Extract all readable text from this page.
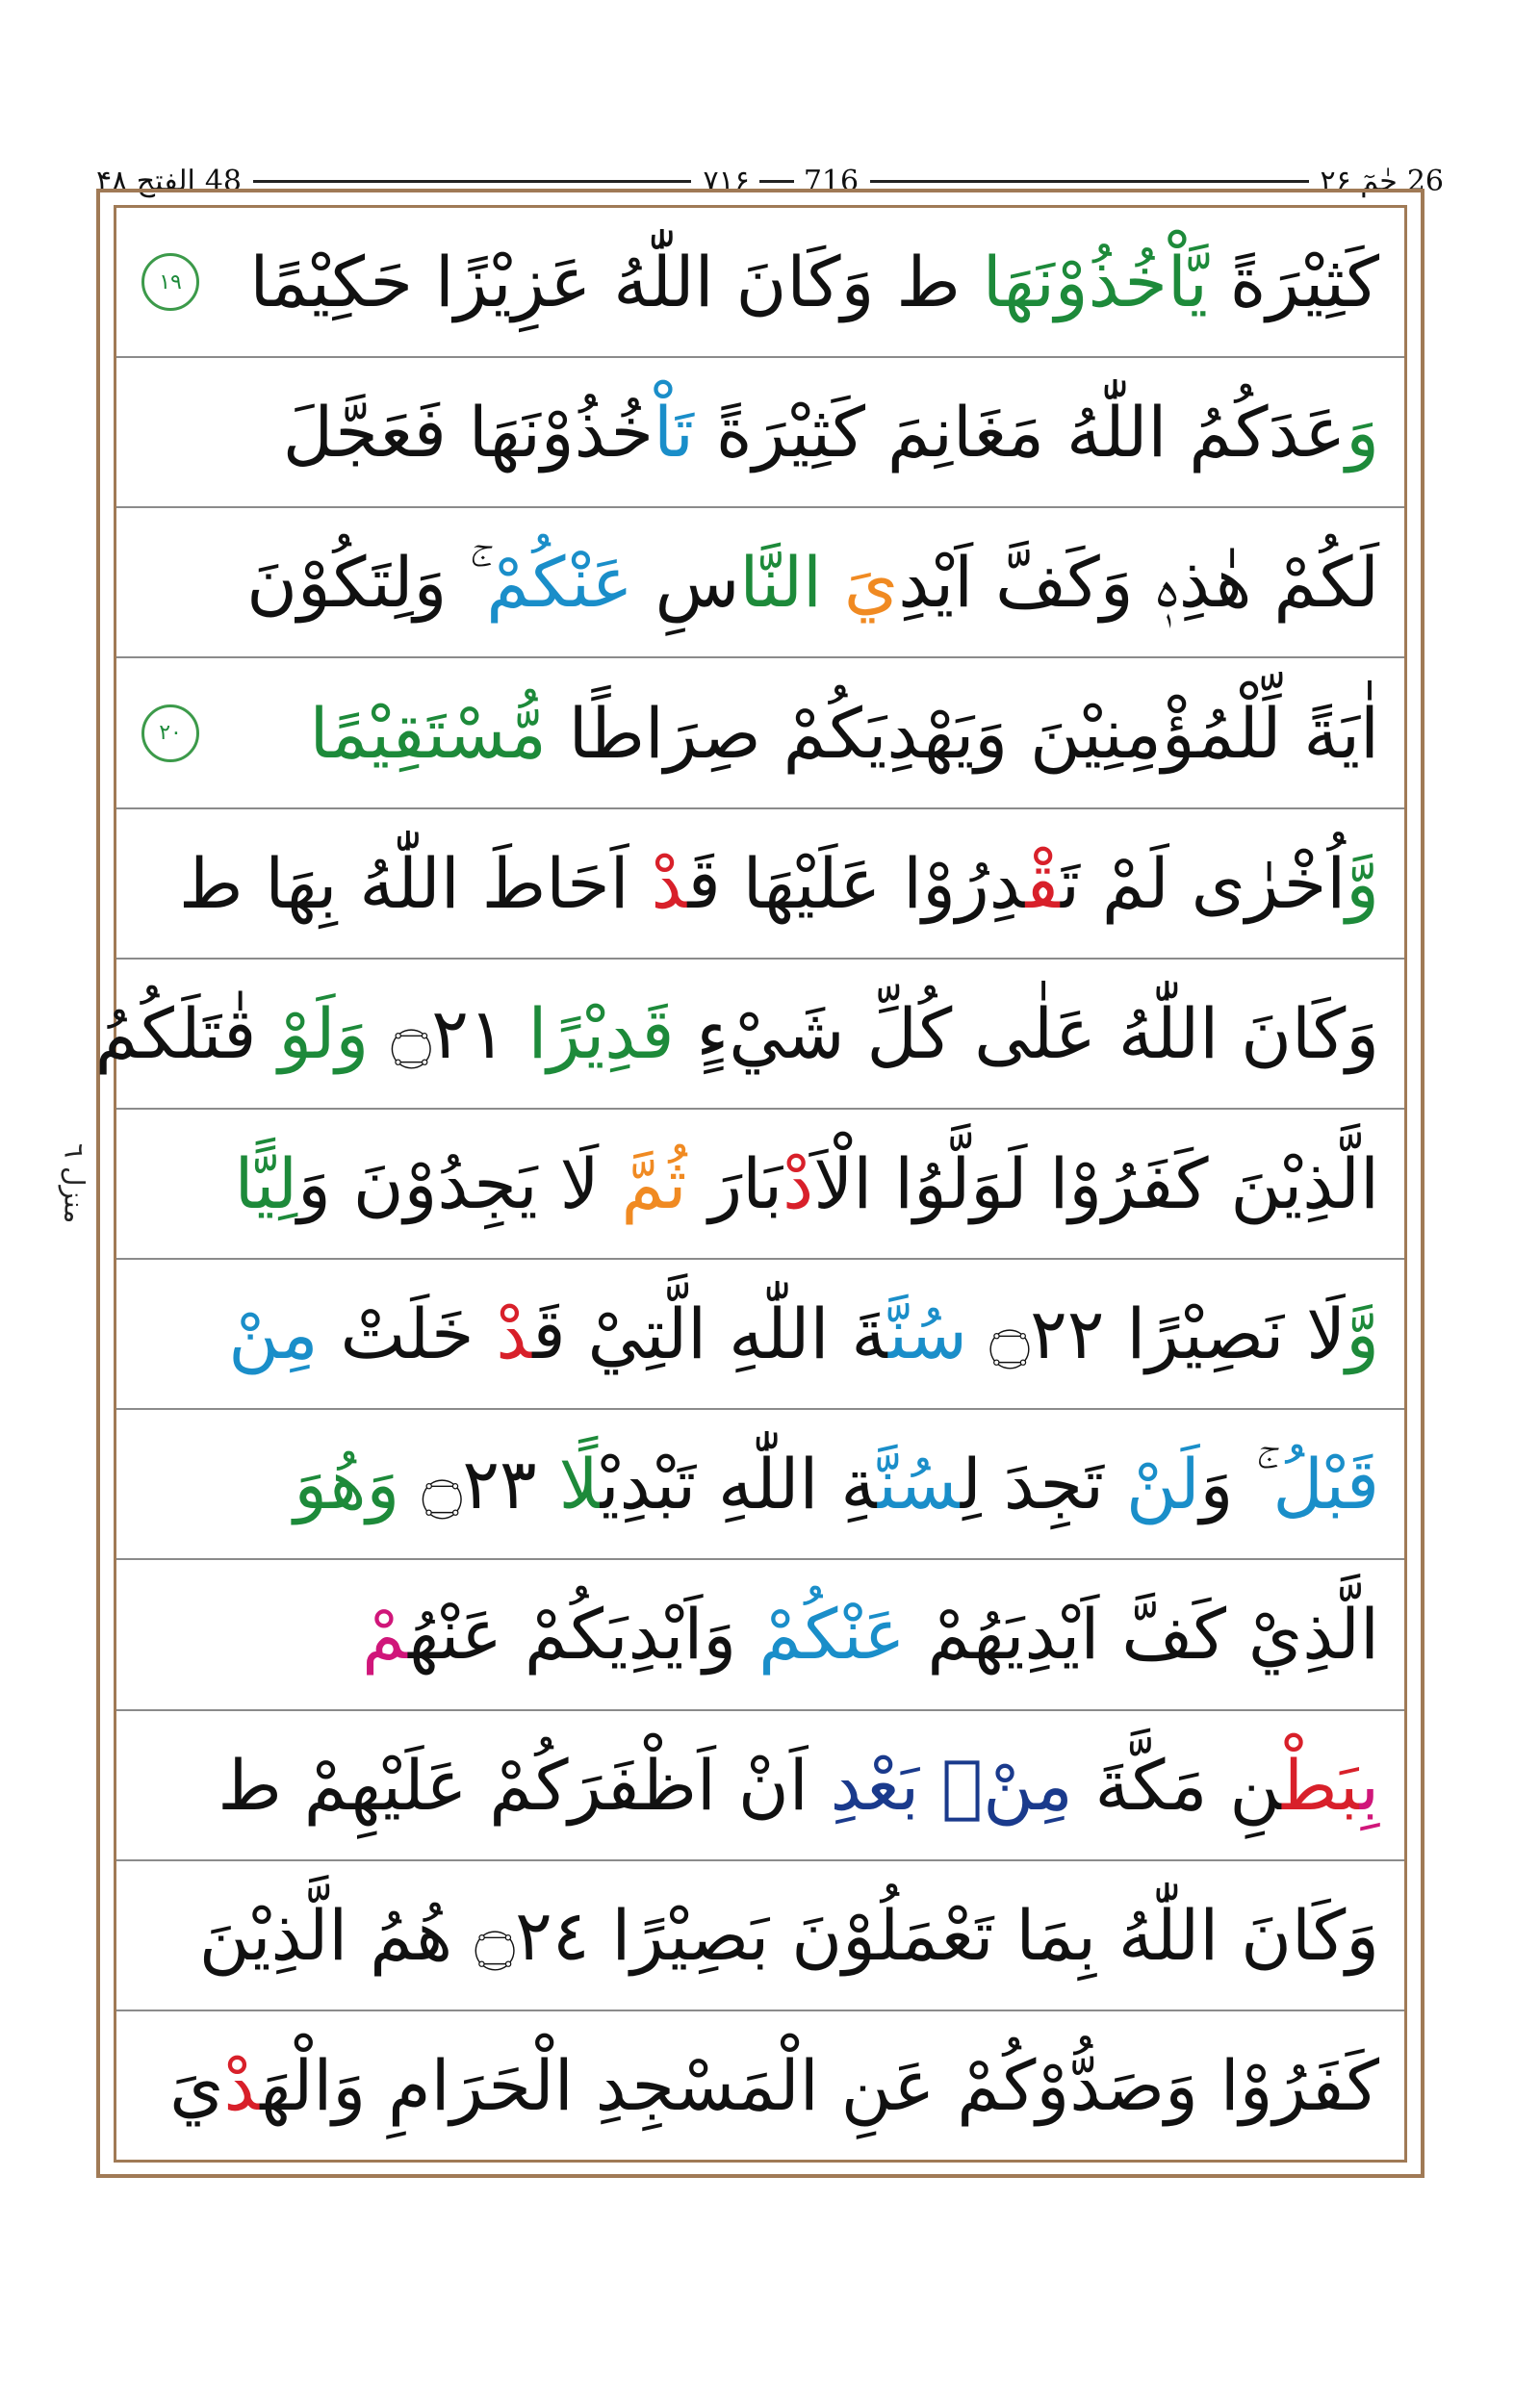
الفتح ۴۸ 48	۷۱۶ 716	حٰمٓ ۲۶ 26
منزل ٦
كَثِيْرَةً يَّاْخُذُوْنَهَا ط وَكَانَ اللّٰهُ عَزِيْزًا حَكِيْمًا
١٩
وَعَدَكُمُ اللّٰهُ مَغَانِمَ كَثِيْرَةً تَاْخُذُوْنَهَا فَعَجَّلَ
لَكُمْ هٰذِهٖ وَكَفَّ اَيْدِيَ النَّاسِ عَنْكُمْ ۚ وَلِتَكُوْنَ
اٰيَةً لِّلْمُؤْمِنِيْنَ وَيَهْدِيَكُمْ صِرَاطًا مُّسْتَقِيْمًا
٢٠
وَّاُخْرٰى لَمْ تَقْدِرُوْا عَلَيْهَا قَدْ اَحَاطَ اللّٰهُ بِهَا ط
وَكَانَ اللّٰهُ عَلٰى كُلِّ شَيْءٍ قَدِيْرًا ۝٢١ وَلَوْ قٰتَلَكُمُ
الَّذِيْنَ كَفَرُوْا لَوَلَّوُا الْاَدْبَارَ ثُمَّ لَا يَجِدُوْنَ وَلِيًّا
وَّلَا نَصِيْرًا ۝٢٢ سُنَّةَ اللّٰهِ الَّتِيْ قَدْ خَلَتْ مِنْ
قَبْلُ ۚ وَلَنْ تَجِدَ لِسُنَّةِ اللّٰهِ تَبْدِيْلًا ۝٢٣ وَهُوَ
الَّذِيْ كَفَّ اَيْدِيَهُمْ عَنْكُمْ وَاَيْدِيَكُمْ عَنْهُمْ
بِبَطْنِ مَكَّةَ مِنْۢ بَعْدِ اَنْ اَظْفَرَكُمْ عَلَيْهِمْ ط
وَكَانَ اللّٰهُ بِمَا تَعْمَلُوْنَ بَصِيْرًا ۝٢٤ هُمُ الَّذِيْنَ
كَفَرُوْا وَصَدُّوْكُمْ عَنِ الْمَسْجِدِ الْحَرَامِ وَالْهَدْيَ
